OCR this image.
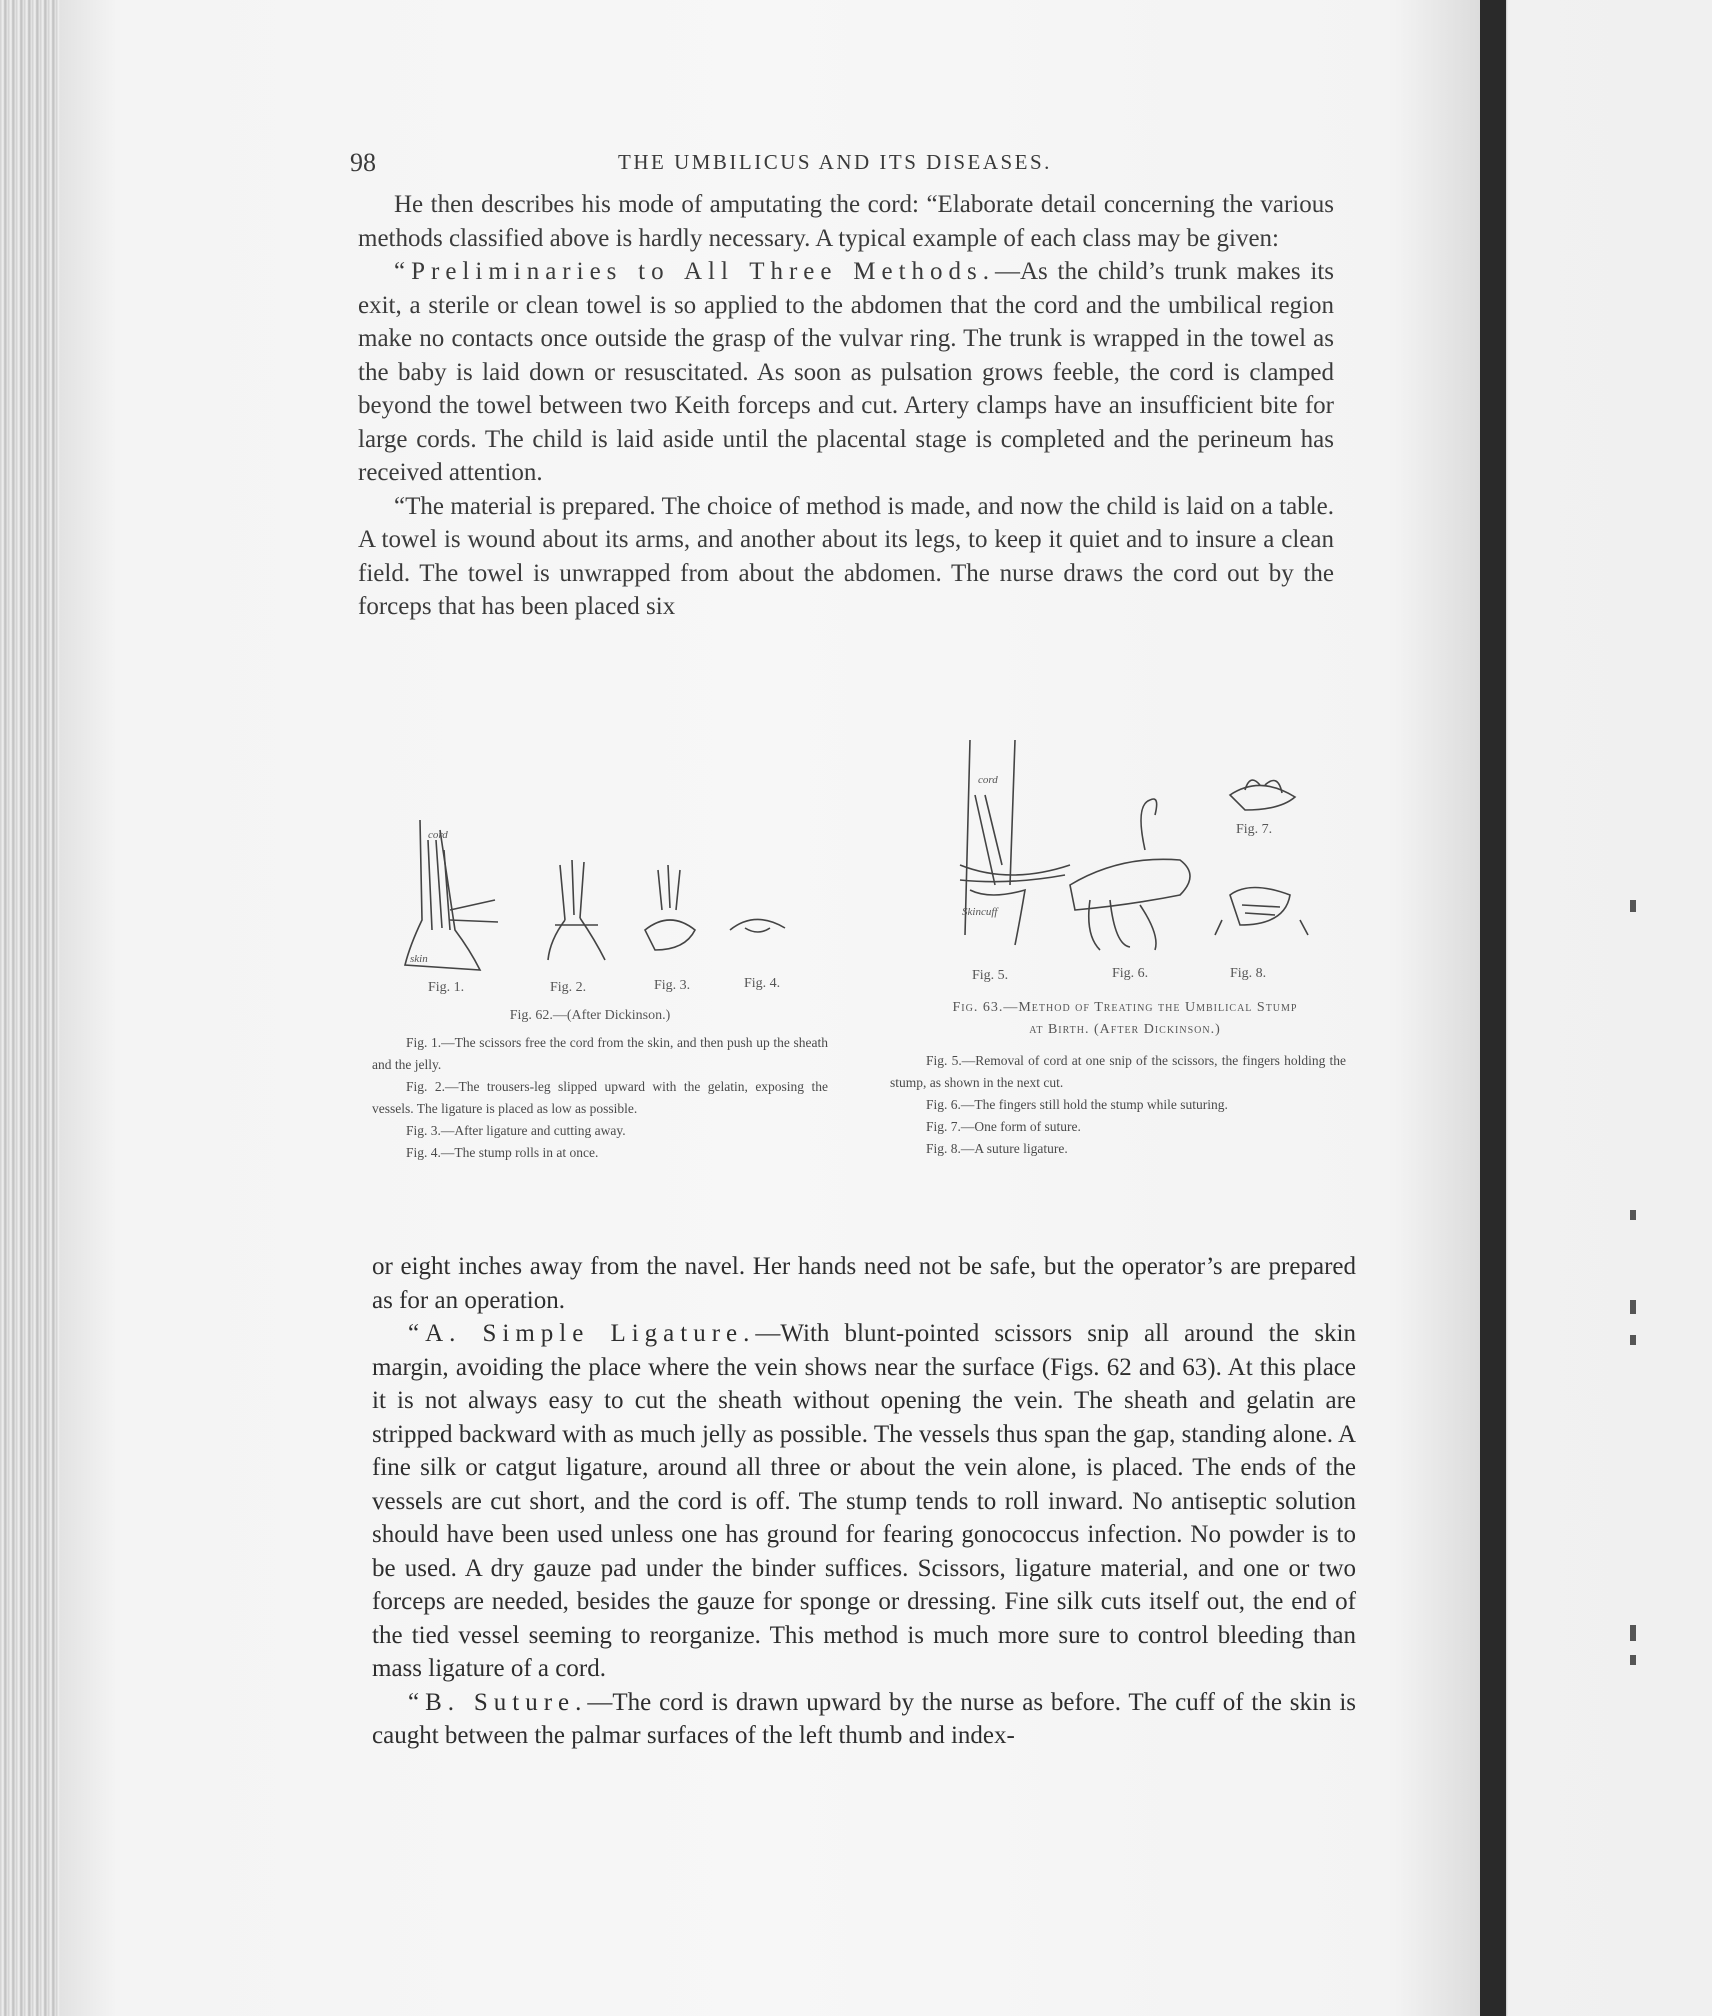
98	THE UMBILICUS AND ITS DISEASES.

He then describes his mode of amputating the cord: “Elaborate detail concerning the various methods classified above is hardly necessary. A typical example of each class may be given:

“Preliminaries to All Three Methods.—As the child’s trunk makes its exit, a sterile or clean towel is so applied to the abdomen that the cord and the umbilical region make no contacts once outside the grasp of the vulvar ring. The trunk is wrapped in the towel as the baby is laid down or resuscitated. As soon as pulsation grows feeble, the cord is clamped beyond the towel between two Keith forceps and cut. Artery clamps have an insufficient bite for large cords. The child is laid aside until the placental stage is completed and the perineum has received attention.

“The material is prepared. The choice of method is made, and now the child is laid on a table. A towel is wound about its arms, and another about its legs, to keep it quiet and to insure a clean field. The towel is unwrapped from about the abdomen. The nurse draws the cord out by the forceps that has been placed six

cord
skin
Fig. 1.	Fig. 2.	Fig. 3.	Fig. 4.
Fig. 62.—(After Dickinson.)
Fig. 1.—The scissors free the cord from the skin, and then push up the sheath and the jelly.
Fig. 2.—The trousers-leg slipped upward with the gelatin, exposing the vessels. The ligature is placed as low as possible.
Fig. 3.—After ligature and cutting away.
Fig. 4.—The stump rolls in at once.
cord
Skincuff
Fig. 5.	Fig. 6.
Fig. 7.
Fig. 8.
Fig. 63.—Method of Treating the Umbilical Stump
at Birth. (After Dickinson.)
Fig. 5.—Removal of cord at one snip of the scissors, the fingers holding the stump, as shown in the next cut.
Fig. 6.—The fingers still hold the stump while suturing.
Fig. 7.—One form of suture.
Fig. 8.—A suture ligature.

or eight inches away from the navel. Her hands need not be safe, but the operator’s are prepared as for an operation.

“A. Simple Ligature.—With blunt-pointed scissors snip all around the skin margin, avoiding the place where the vein shows near the surface (Figs. 62 and 63). At this place it is not always easy to cut the sheath without opening the vein. The sheath and gelatin are stripped backward with as much jelly as possible. The vessels thus span the gap, standing alone. A fine silk or catgut ligature, around all three or about the vein alone, is placed. The ends of the vessels are cut short, and the cord is off. The stump tends to roll inward. No antiseptic solution should have been used unless one has ground for fearing gonococcus infection. No powder is to be used. A dry gauze pad under the binder suffices. Scissors, ligature material, and one or two forceps are needed, besides the gauze for sponge or dressing. Fine silk cuts itself out, the end of the tied vessel seeming to reorganize. This method is much more sure to control bleeding than mass ligature of a cord.

“B. Suture.—The cord is drawn upward by the nurse as before. The cuff of the skin is caught between the palmar surfaces of the left thumb and index-
